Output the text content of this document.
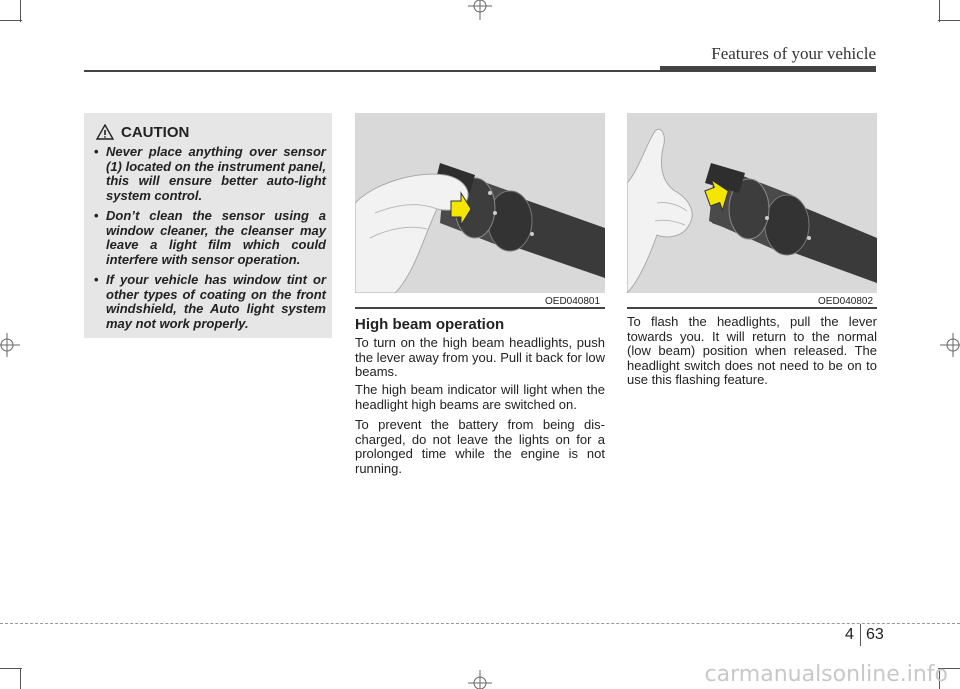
Features of your vehicle
CAUTION
• Never place anything over sensor (1) located on the instrument panel, this will ensure better auto-light system control.
• Don’t clean the sensor using a window cleaner, the cleanser may leave a light film which could interfere with sensor operation.
• If your vehicle has window tint or other types of coating on the front windshield, the Auto light system may not work properly.
OED040801	OED040802
High beam operation

To turn on the high beam headlights, push the lever away from you. Pull it back for low beams.

The high beam indicator will light when the headlight high beams are switched on.

To prevent the battery from being dis-charged, do not leave the lights on for a prolonged time while the engine is not running.

To flash the headlights, pull the lever towards you. It will return to the normal (low beam) position when released. The headlight switch does not need to be on to use this flashing feature.

4 63
carmanualsonline.info
